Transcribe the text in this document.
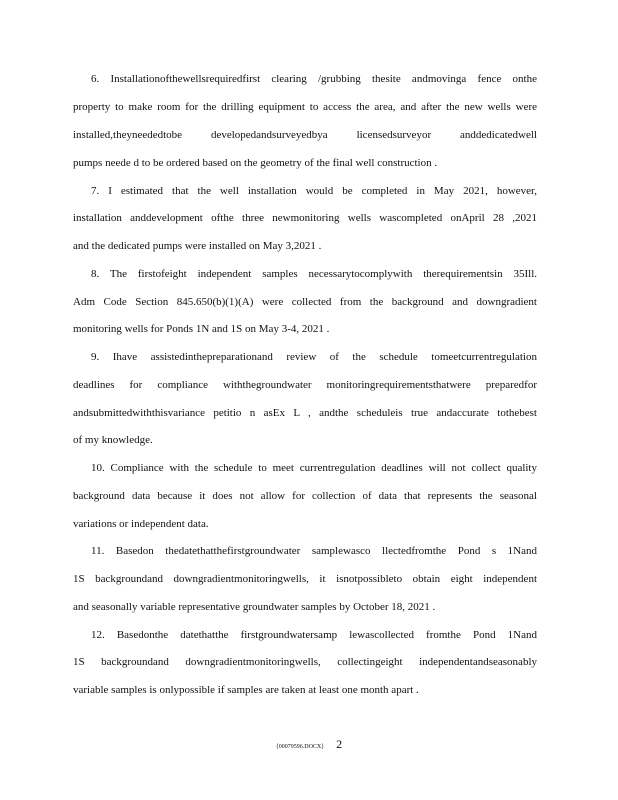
6. Installationofthewellsrequiredfirst clearing /grubbing thesite andmovinga fence onthe

property to make room for the drilling equipment to access the area, and after the new wells were

installed,theyneededtobe developedandsurveyedbya licensedsurveyor anddedicatedwell

pumps neede d to be ordered based on the geometry of the final well construction .

7. I estimated that the well installation would be completed in May 2021, however,

installation anddevelopment ofthe three newmonitoring wells wascompleted onApril 28 ,2021

and the dedicated pumps were installed on May 3,2021 .

8. The firstofeight independent samples necessarytocomplywith therequirementsin 35Ill.

Adm Code Section 845.650(b)(1)(A) were collected from the background and downgradient

monitoring wells for Ponds 1N and 1S on May 3-4, 2021 .

9. Ihave assistedinthepreparationand review of the schedule tomeetcurrentregulation

deadlines for compliance withthegroundwater monitoringrequirementsthatwere preparedfor

andsubmittedwiththisvariance petitio n asEx L , andthe scheduleis true andaccurate tothebest

of my knowledge.

10. Compliance with the schedule to meet currentregulation deadlines will not collect quality

background data because it does not allow for collection of data that represents the seasonal

variations or independent data.

11. Basedon thedatethatthefirstgroundwater samplewasco llectedfromthe Pond s 1Nand

1S backgroundand downgradientmonitoringwells, it isnotpossibleto obtain eight independent

and seasonally variable representative groundwater samples by October 18, 2021 .

12. Basedonthe datethatthe firstgroundwatersamp lewascollected fromthe Pond 1Nand

1S backgroundand downgradientmonitoringwells, collectingeight independentandseasonably

variable samples is onlypossible if samples are taken at least one month apart .

{00079596.DOCX} 2
